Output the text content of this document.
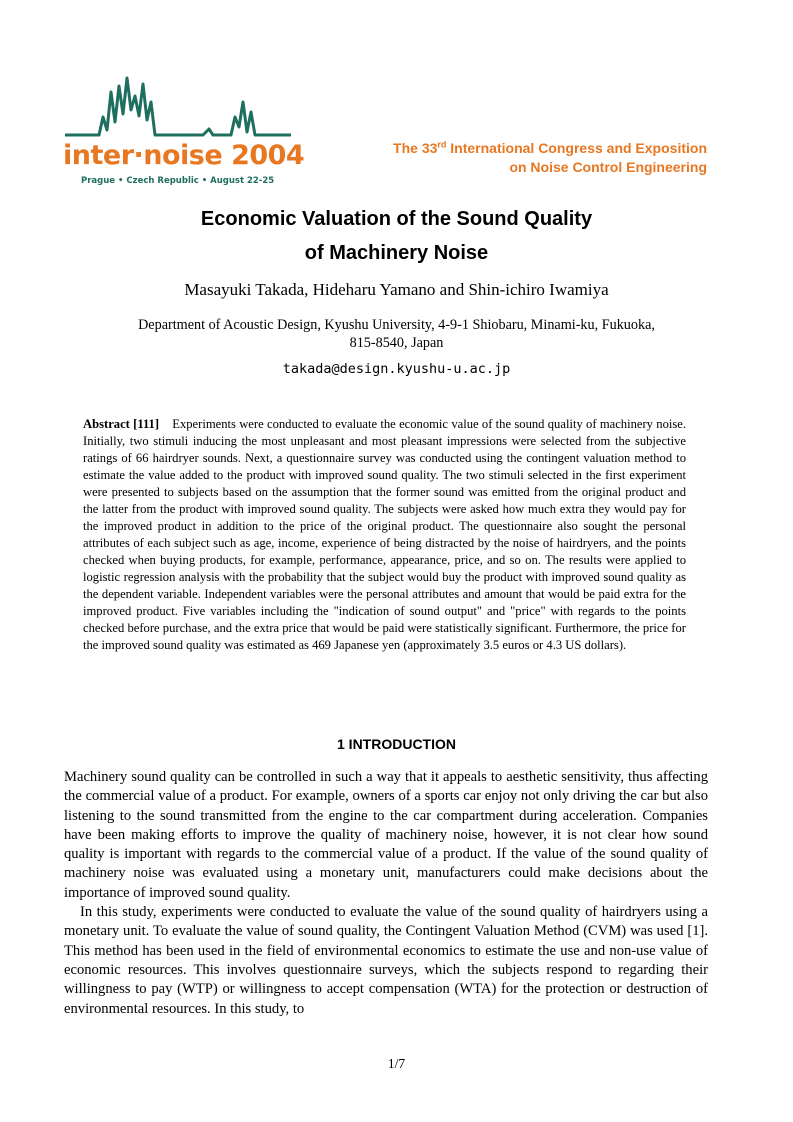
inter·noise 2004
Prague • Czech Republic • August 22-25
The 33rd International Congress and Exposition
on Noise Control Engineering
Economic Valuation of the Sound Quality
of Machinery Noise
Masayuki Takada, Hideharu Yamano and Shin-ichiro Iwamiya
Department of Acoustic Design, Kyushu University, 4-9-1 Shiobaru, Minami-ku, Fukuoka,
815-8540, Japan
takada@design.kyushu-u.ac.jp
Abstract [111] Experiments were conducted to evaluate the economic value of the sound quality of machinery noise. Initially, two stimuli inducing the most unpleasant and most pleasant impressions were selected from the subjective ratings of 66 hairdryer sounds. Next, a questionnaire survey was conducted using the contingent valuation method to estimate the value added to the product with improved sound quality. The two stimuli selected in the first experiment were presented to subjects based on the assumption that the former sound was emitted from the original product and the latter from the product with improved sound quality. The subjects were asked how much extra they would pay for the improved product in addition to the price of the original product. The questionnaire also sought the personal attributes of each subject such as age, income, experience of being distracted by the noise of hairdryers, and the points checked when buying products, for example, performance, appearance, price, and so on. The results were applied to logistic regression analysis with the probability that the subject would buy the product with improved sound quality as the dependent variable. Independent variables were the personal attributes and amount that would be paid extra for the improved product. Five variables including the "indication of sound output" and "price" with regards to the points checked before purchase, and the extra price that would be paid were statistically significant. Furthermore, the price for the improved sound quality was estimated as 469 Japanese yen (approximately 3.5 euros or 4.3 US dollars).
1 INTRODUCTION

Machinery sound quality can be controlled in such a way that it appeals to aesthetic sensitivity, thus affecting the commercial value of a product. For example, owners of a sports car enjoy not only driving the car but also listening to the sound transmitted from the engine to the car compartment during acceleration. Companies have been making efforts to improve the quality of machinery noise, however, it is not clear how sound quality is important with regards to the commercial value of a product. If the value of the sound quality of machinery noise was evaluated using a monetary unit, manufacturers could make decisions about the importance of improved sound quality.

In this study, experiments were conducted to evaluate the value of the sound quality of hairdryers using a monetary unit. To evaluate the value of sound quality, the Contingent Valuation Method (CVM) was used [1]. This method has been used in the field of environmental economics to estimate the use and non-use value of economic resources. This involves questionnaire surveys, which the subjects respond to regarding their willingness to pay (WTP) or willingness to accept compensation (WTA) for the protection or destruction of environmental resources. In this study, to

1/7
